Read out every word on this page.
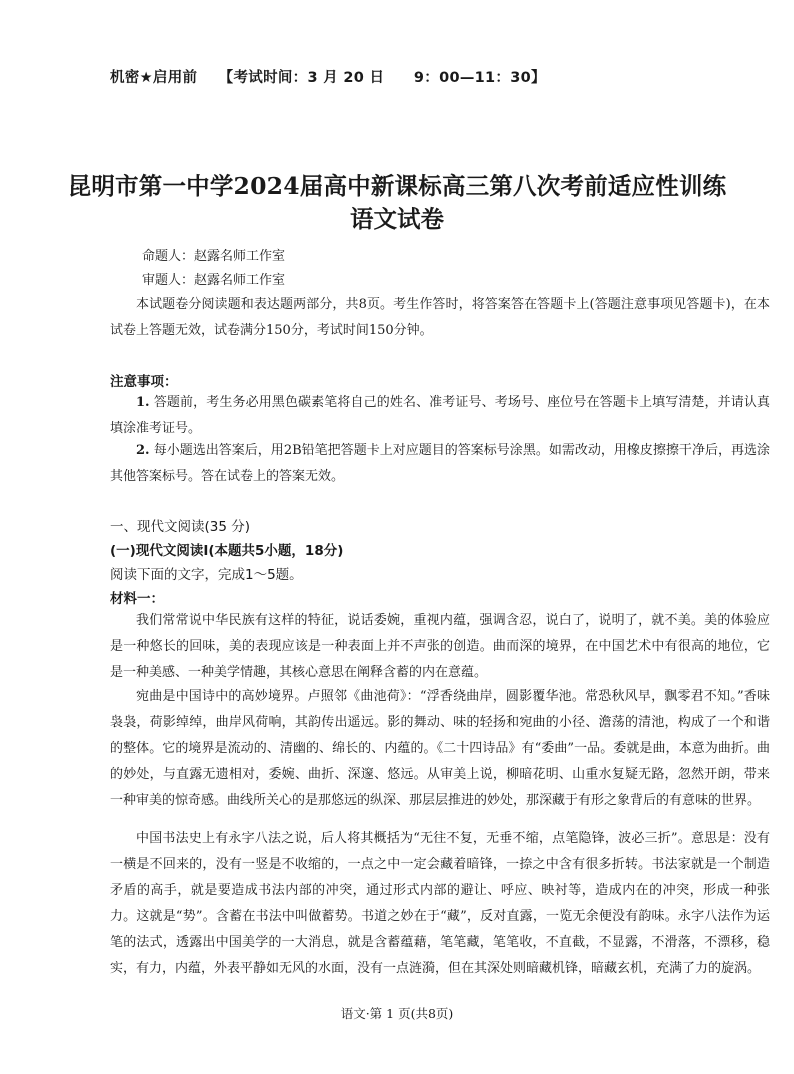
机密★启用前 【考试时间：3 月 20 日　　9：00—11：30】
昆明市第一中学2024届高中新课标高三第八次考前适应性训练
语文试卷
命题人：赵露名师工作室
审题人：赵露名师工作室

本试题卷分阅读题和表达题两部分，共8页。考生作答时，将答案答在答题卡上(答题注意事项见答题卡)，在本试卷上答题无效，试卷满分150分，考试时间150分钟。

注意事项：

1. 答题前，考生务必用黑色碳素笔将自己的姓名、准考证号、考场号、座位号在答题卡上填写清楚，并请认真填涂准考证号。

2. 每小题选出答案后，用2B铅笔把答题卡上对应题目的答案标号涂黑。如需改动，用橡皮擦擦干净后，再选涂其他答案标号。答在试卷上的答案无效。

一、现代文阅读(35 分)
(一)现代文阅读Ⅰ(本题共5小题，18分)
阅读下面的文字，完成1～5题。
材料一：

我们常常说中华民族有这样的特征，说话委婉，重视内蕴，强调含忍，说白了，说明了，就不美。美的体验应是一种悠长的回味，美的表现应该是一种表面上并不声张的创造。曲而深的境界，在中国艺术中有很高的地位，它是一种美感、一种美学情趣，其核心意思在阐释含蓄的内在意蕴。

宛曲是中国诗中的高妙境界。卢照邻《曲池荷》：“浮香绕曲岸，圆影覆华池。常恐秋风早，飘零君不知。”香味袅袅，荷影绰绰，曲岸风荷响，其韵传出遥远。影的舞动、味的轻扬和宛曲的小径、澹荡的清池，构成了一个和谐的整体。它的境界是流动的、清幽的、绵长的、内蕴的。《二十四诗品》有“委曲”一品。委就是曲，本意为曲折。曲的妙处，与直露无遗相对，委婉、曲折、深邃、悠远。从审美上说，柳暗花明、山重水复疑无路，忽然开朗，带来一种审美的惊奇感。曲线所关心的是那悠远的纵深、那层层推进的妙处，那深藏于有形之象背后的有意味的世界。

中国书法史上有永字八法之说，后人将其概括为“无往不复，无垂不缩，点笔隐锋，波必三折”。意思是：没有一横是不回来的，没有一竖是不收缩的，一点之中一定会藏着暗锋，一捺之中含有很多折转。书法家就是一个制造矛盾的高手，就是要造成书法内部的冲突，通过形式内部的避让、呼应、映衬等，造成内在的冲突，形成一种张力。这就是“势”。含蓄在书法中叫做蓄势。书道之妙在于“藏”，反对直露，一览无余便没有韵味。永字八法作为运笔的法式，透露出中国美学的一大消息，就是含蓄蕴藉，笔笔藏，笔笔收，不直截，不显露，不滑落，不漂移，稳实，有力，内蕴，外表平静如无风的水面，没有一点涟漪，但在其深处则暗藏机锋，暗藏玄机，充满了力的旋涡。

语文·第 1 页(共8页)
